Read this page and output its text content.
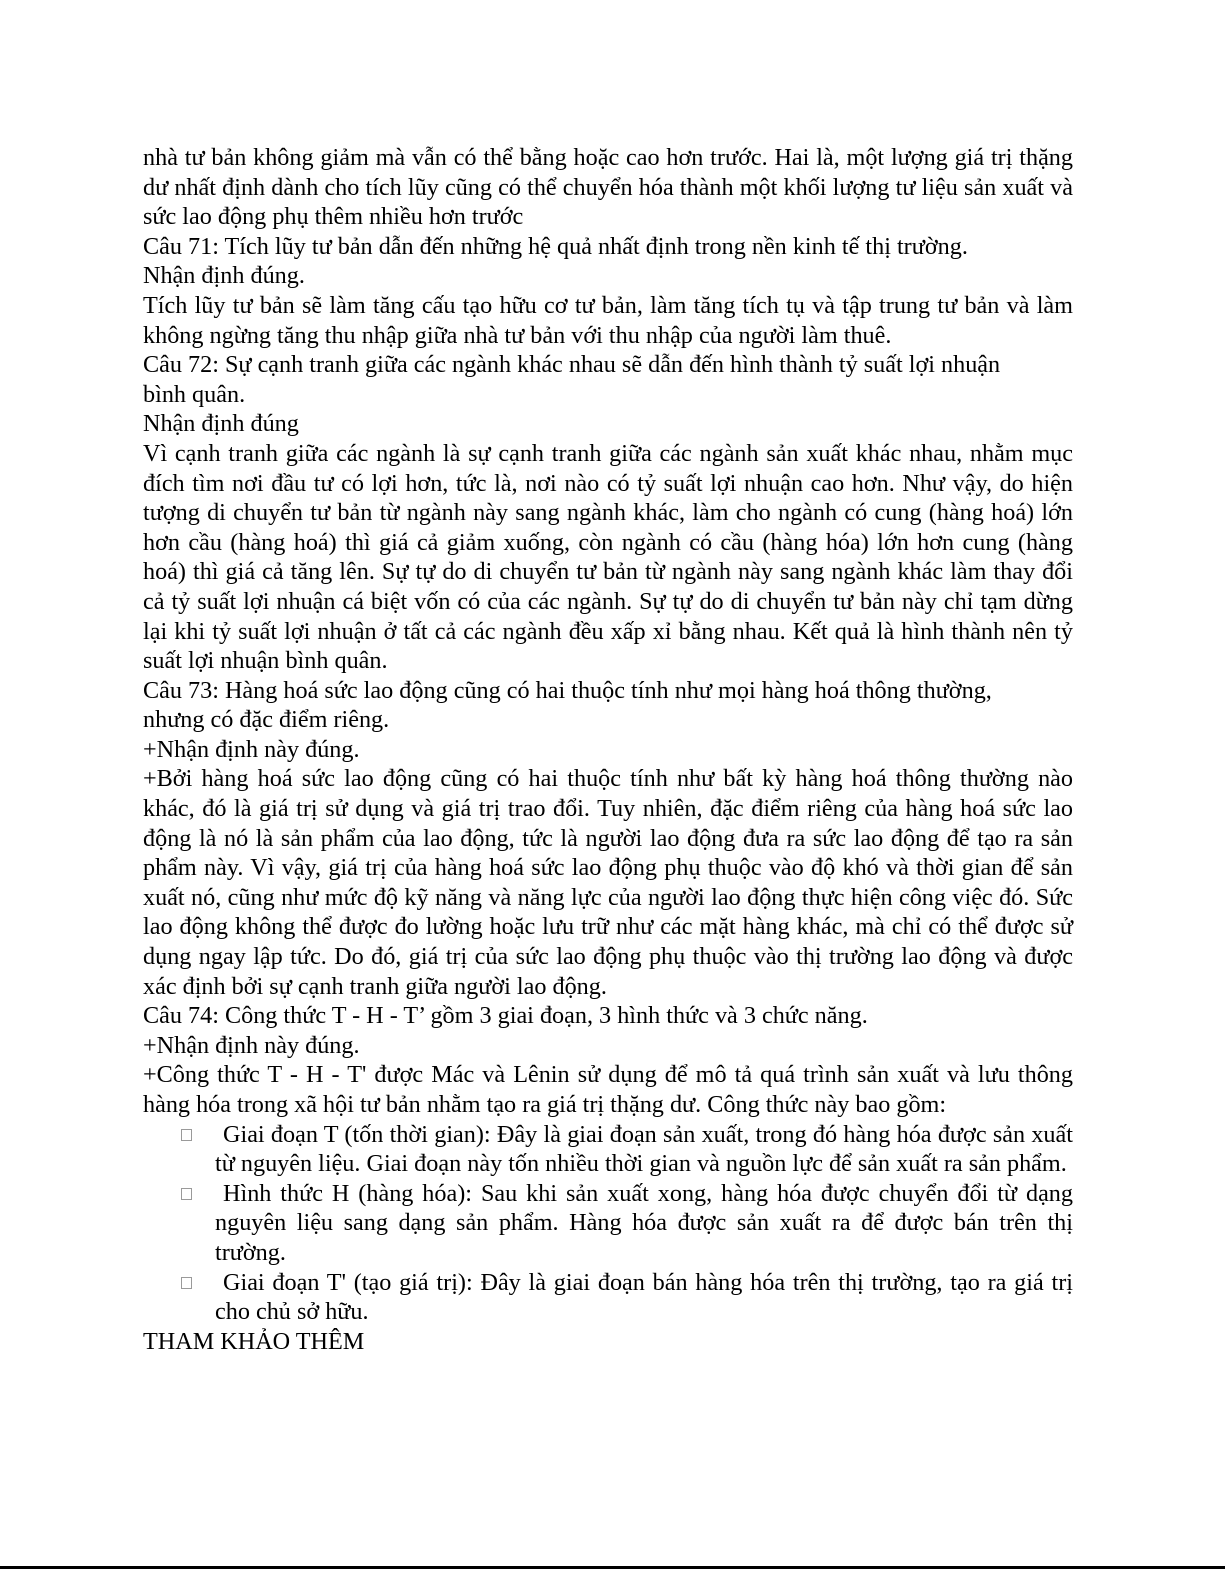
nhà tư bản không giảm mà vẫn có thể bằng hoặc cao hơn trước. Hai là, một lượng giá trị thặng dư nhất định dành cho tích lũy cũng có thể chuyển hóa thành một khối lượng tư liệu sản xuất và sức lao động phụ thêm nhiều hơn trước
Câu 71: Tích lũy tư bản dẫn đến những hệ quả nhất định trong nền kinh tế thị trường.
Nhận định đúng.
Tích lũy tư bản sẽ làm tăng cấu tạo hữu cơ tư bản, làm tăng tích tụ và tập trung tư bản và làm không ngừng tăng thu nhập giữa nhà tư bản với thu nhập của người làm thuê.
Câu 72: Sự cạnh tranh giữa các ngành khác nhau sẽ dẫn đến hình thành tỷ suất lợi nhuận bình quân.
Nhận định đúng
Vì cạnh tranh giữa các ngành là sự cạnh tranh giữa các ngành sản xuất khác nhau, nhằm mục đích tìm nơi đầu tư có lợi hơn, tức là, nơi nào có tỷ suất lợi nhuận cao hơn. Như vậy, do hiện tượng di chuyển tư bản từ ngành này sang ngành khác, làm cho ngành có cung (hàng hoá) lớn hơn cầu (hàng hoá) thì giá cả giảm xuống, còn ngành có cầu (hàng hóa) lớn hơn cung (hàng hoá) thì giá cả tăng lên. Sự tự do di chuyển tư bản từ ngành này sang ngành khác làm thay đổi cả tỷ suất lợi nhuận cá biệt vốn có của các ngành. Sự tự do di chuyển tư bản này chỉ tạm dừng lại khi tỷ suất lợi nhuận ở tất cả các ngành đều xấp xỉ bằng nhau. Kết quả là hình thành nên tỷ suất lợi nhuận bình quân.
Câu 73: Hàng hoá sức lao động cũng có hai thuộc tính như mọi hàng hoá thông thường, nhưng có đặc điểm riêng.
+Nhận định này đúng.
+Bởi hàng hoá sức lao động cũng có hai thuộc tính như bất kỳ hàng hoá thông thường nào khác, đó là giá trị sử dụng và giá trị trao đổi. Tuy nhiên, đặc điểm riêng của hàng hoá sức lao động là nó là sản phẩm của lao động, tức là người lao động đưa ra sức lao động để tạo ra sản phẩm này. Vì vậy, giá trị của hàng hoá sức lao động phụ thuộc vào độ khó và thời gian để sản xuất nó, cũng như mức độ kỹ năng và năng lực của người lao động thực hiện công việc đó. Sức lao động không thể được đo lường hoặc lưu trữ như các mặt hàng khác, mà chỉ có thể được sử dụng ngay lập tức. Do đó, giá trị của sức lao động phụ thuộc vào thị trường lao động và được xác định bởi sự cạnh tranh giữa người lao động.
Câu 74: Công thức T - H - T’ gồm 3 giai đoạn, 3 hình thức và 3 chức năng.
+Nhận định này đúng.
+Công thức T - H - T' được Mác và Lênin sử dụng để mô tả quá trình sản xuất và lưu thông hàng hóa trong xã hội tư bản nhằm tạo ra giá trị thặng dư. Công thức này bao gồm:
Giai đoạn T (tốn thời gian): Đây là giai đoạn sản xuất, trong đó hàng hóa được sản xuất từ nguyên liệu. Giai đoạn này tốn nhiều thời gian và nguồn lực để sản xuất ra sản phẩm.
Hình thức H (hàng hóa): Sau khi sản xuất xong, hàng hóa được chuyển đổi từ dạng nguyên liệu sang dạng sản phẩm. Hàng hóa được sản xuất ra để được bán trên thị trường.
Giai đoạn T' (tạo giá trị): Đây là giai đoạn bán hàng hóa trên thị trường, tạo ra giá trị cho chủ sở hữu.
THAM KHẢO THÊM
